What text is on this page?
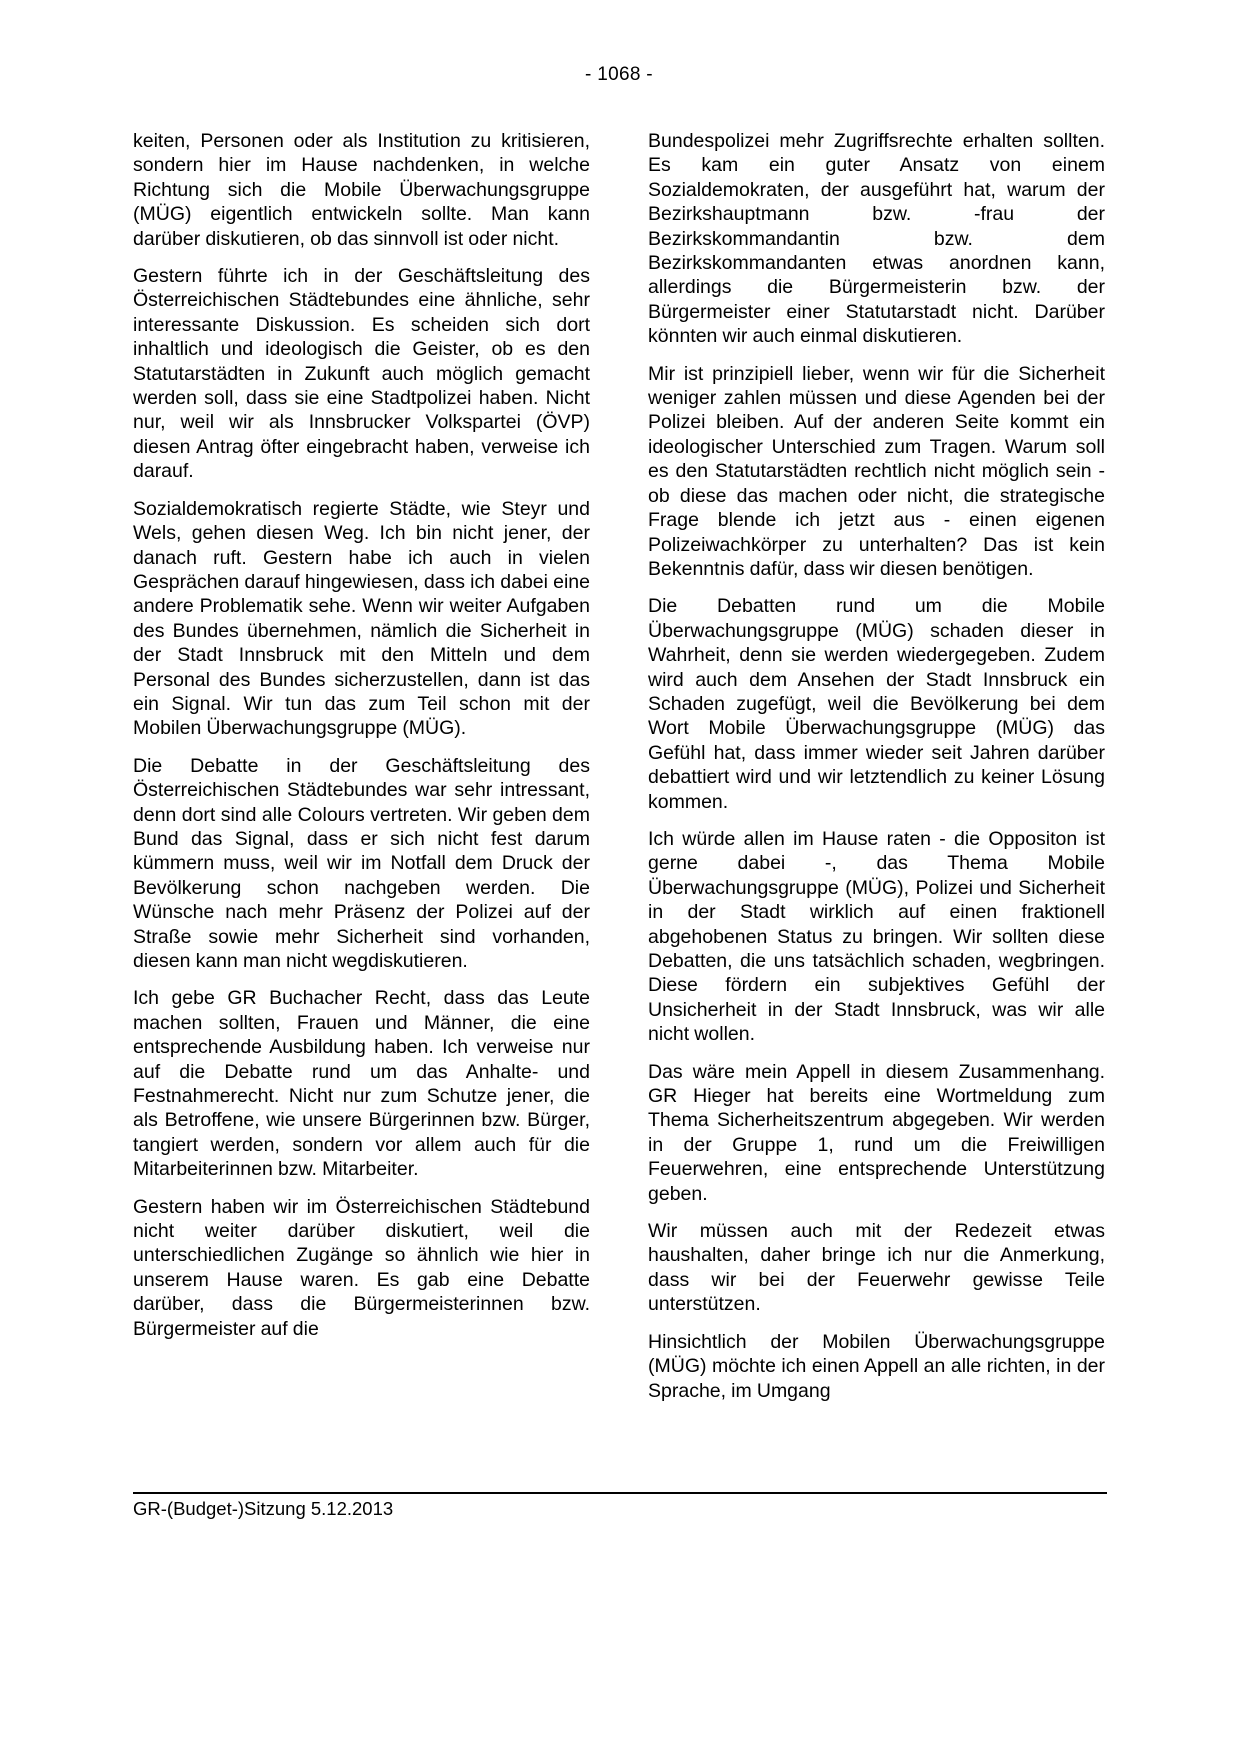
- 1068 -

keiten, Personen oder als Institution zu kritisieren, sondern hier im Hause nachdenken, in welche Richtung sich die Mobile Überwachungsgruppe (MÜG) eigentlich entwickeln sollte. Man kann darüber diskutieren, ob das sinnvoll ist oder nicht.

Gestern führte ich in der Geschäftsleitung des Österreichischen Städtebundes eine ähnliche, sehr interessante Diskussion. Es scheiden sich dort inhaltlich und ideologisch die Geister, ob es den Statutarstädten in Zukunft auch möglich gemacht werden soll, dass sie eine Stadtpolizei haben. Nicht nur, weil wir als Innsbrucker Volkspartei (ÖVP) diesen Antrag öfter eingebracht haben, verweise ich darauf.

Sozialdemokratisch regierte Städte, wie Steyr und Wels, gehen diesen Weg. Ich bin nicht jener, der danach ruft. Gestern habe ich auch in vielen Gesprächen darauf hingewiesen, dass ich dabei eine andere Problematik sehe. Wenn wir weiter Aufgaben des Bundes übernehmen, nämlich die Sicherheit in der Stadt Innsbruck mit den Mitteln und dem Personal des Bundes sicherzustellen, dann ist das ein Signal. Wir tun das zum Teil schon mit der Mobilen Überwachungsgruppe (MÜG).

Die Debatte in der Geschäftsleitung des Österreichischen Städtebundes war sehr intressant, denn dort sind alle Colours vertreten. Wir geben dem Bund das Signal, dass er sich nicht fest darum kümmern muss, weil wir im Notfall dem Druck der Bevölkerung schon nachgeben werden. Die Wünsche nach mehr Präsenz der Polizei auf der Straße sowie mehr Sicherheit sind vorhanden, diesen kann man nicht wegdiskutieren.

Ich gebe GR Buchacher Recht, dass das Leute machen sollten, Frauen und Männer, die eine entsprechende Ausbildung haben. Ich verweise nur auf die Debatte rund um das Anhalte- und Festnahmerecht. Nicht nur zum Schutze jener, die als Betroffene, wie unsere Bürgerinnen bzw. Bürger, tangiert werden, sondern vor allem auch für die Mitarbeiterinnen bzw. Mitarbeiter.

Gestern haben wir im Österreichischen Städtebund nicht weiter darüber diskutiert, weil die unterschiedlichen Zugänge so ähnlich wie hier in unserem Hause waren. Es gab eine Debatte darüber, dass die Bürgermeisterinnen bzw. Bürgermeister auf die

Bundespolizei mehr Zugriffsrechte erhalten sollten. Es kam ein guter Ansatz von einem Sozialdemokraten, der ausgeführt hat, warum der Bezirkshauptmann bzw. -frau der Bezirkskommandantin bzw. dem Bezirkskommandanten etwas anordnen kann, allerdings die Bürgermeisterin bzw. der Bürgermeister einer Statutarstadt nicht. Darüber könnten wir auch einmal diskutieren.

Mir ist prinzipiell lieber, wenn wir für die Sicherheit weniger zahlen müssen und diese Agenden bei der Polizei bleiben. Auf der anderen Seite kommt ein ideologischer Unterschied zum Tragen. Warum soll es den Statutarstädten rechtlich nicht möglich sein - ob diese das machen oder nicht, die strategische Frage blende ich jetzt aus - einen eigenen Polizeiwachkörper zu unterhalten? Das ist kein Bekenntnis dafür, dass wir diesen benötigen.

Die Debatten rund um die Mobile Überwachungsgruppe (MÜG) schaden dieser in Wahrheit, denn sie werden wiedergegeben. Zudem wird auch dem Ansehen der Stadt Innsbruck ein Schaden zugefügt, weil die Bevölkerung bei dem Wort Mobile Überwachungsgruppe (MÜG) das Gefühl hat, dass immer wieder seit Jahren darüber debattiert wird und wir letztendlich zu keiner Lösung kommen.

Ich würde allen im Hause raten - die Oppositon ist gerne dabei -, das Thema Mobile Überwachungsgruppe (MÜG), Polizei und Sicherheit in der Stadt wirklich auf einen fraktionell abgehobenen Status zu bringen. Wir sollten diese Debatten, die uns tatsächlich schaden, wegbringen. Diese fördern ein subjektives Gefühl der Unsicherheit in der Stadt Innsbruck, was wir alle nicht wollen.

Das wäre mein Appell in diesem Zusammenhang. GR Hieger hat bereits eine Wortmeldung zum Thema Sicherheitszentrum abgegeben. Wir werden in der Gruppe 1, rund um die Freiwilligen Feuerwehren, eine entsprechende Unterstützung geben.

Wir müssen auch mit der Redezeit etwas haushalten, daher bringe ich nur die Anmerkung, dass wir bei der Feuerwehr gewisse Teile unterstützen.

Hinsichtlich der Mobilen Überwachungsgruppe (MÜG) möchte ich einen Appell an alle richten, in der Sprache, im Umgang

GR-(Budget-)Sitzung 5.12.2013
